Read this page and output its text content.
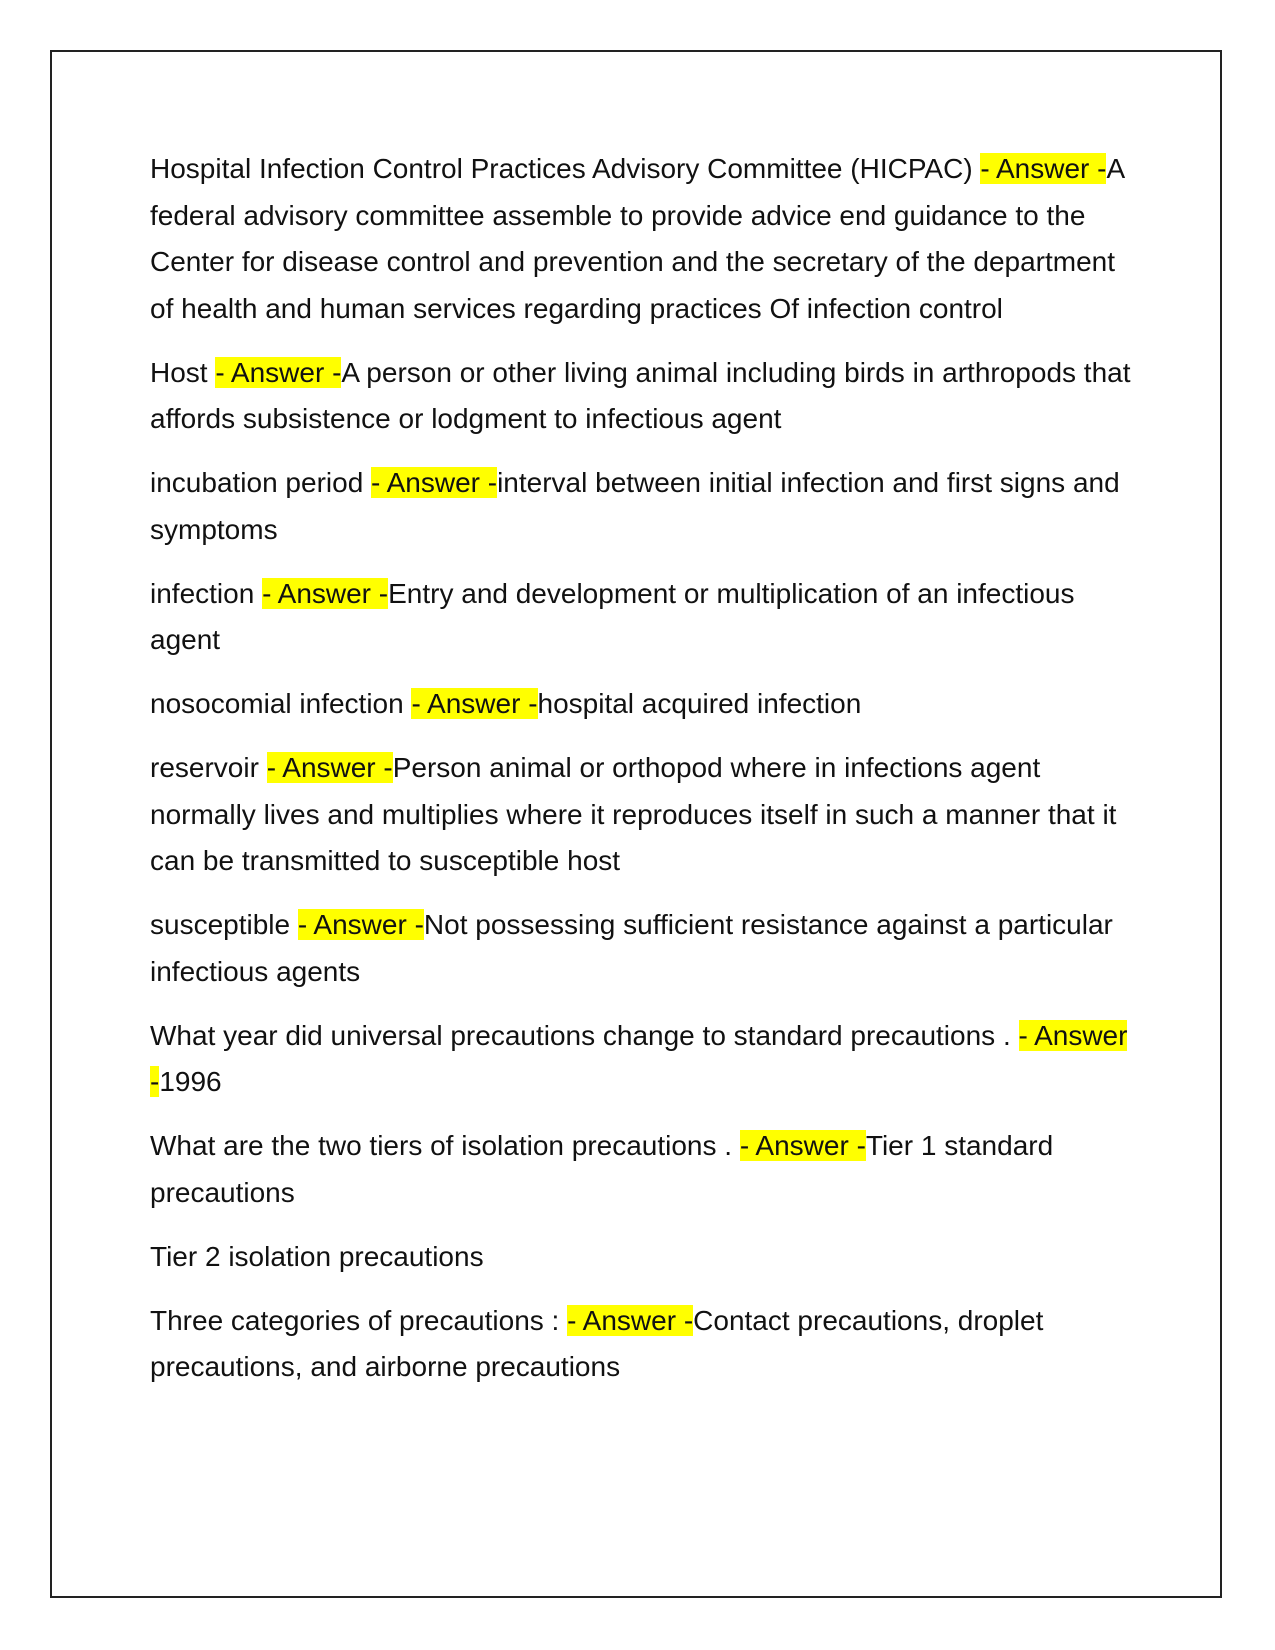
Hospital Infection Control Practices Advisory Committee (HICPAC) - Answer -A federal advisory committee assemble to provide advice end guidance to the Center for disease control and prevention and the secretary of the department of health and human services regarding practices Of infection control

Host - Answer -A person or other living animal including birds in arthropods that affords subsistence or lodgment to infectious agent

incubation period - Answer -interval between initial infection and first signs and symptoms

infection - Answer -Entry and development or multiplication of an infectious agent

nosocomial infection - Answer -hospital acquired infection

reservoir - Answer -Person animal or orthopod where in infections agent normally lives and multiplies where it reproduces itself in such a manner that it can be transmitted to susceptible host

susceptible - Answer -Not possessing sufficient resistance against a particular infectious agents

What year did universal precautions change to standard precautions . - Answer -1996

What are the two tiers of isolation precautions . - Answer -Tier 1 standard precautions

Tier 2 isolation precautions

Three categories of precautions : - Answer -Contact precautions, droplet precautions, and airborne precautions
